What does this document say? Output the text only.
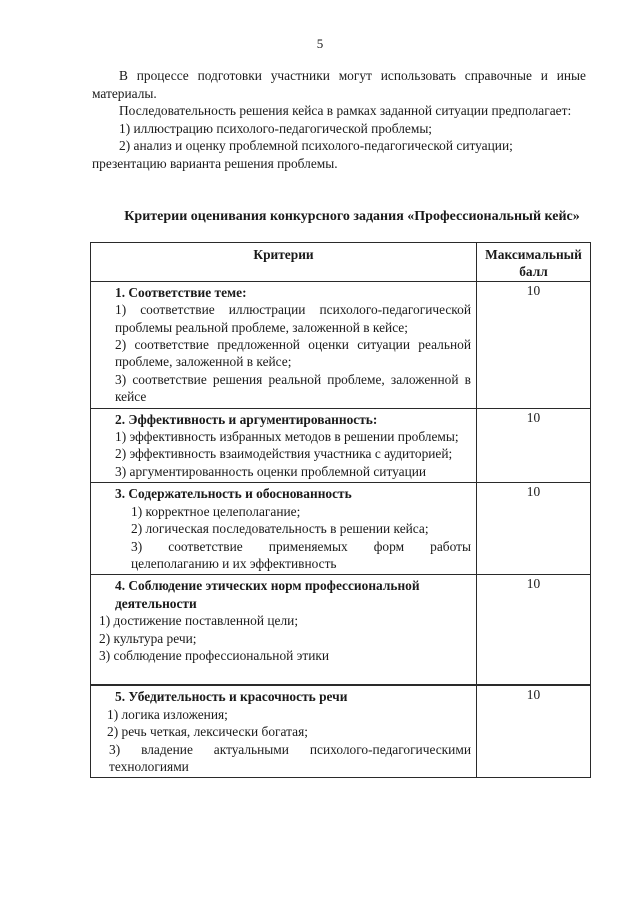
5

В процессе подготовки участники могут использовать справочные и иные материалы.

Последовательность решения кейса в рамках заданной ситуации предполагает:

1) иллюстрацию психолого-педагогической проблемы;

2) анализ и оценку проблемной психолого-педагогической ситуации;

презентацию варианта решения проблемы.

Критерии оценивания конкурсного задания «Профессиональный кейс»
Критерии	Максимальный балл

1. Соответствие теме:
1) соответствие иллюстрации психолого-педагогической проблемы реальной проблеме, заложенной в кейсе;
2) соответствие предложенной оценки ситуации реальной проблеме, заложенной в кейсе;
3) соответствие решения реальной проблеме, заложенной в кейсе	10

2. Эффективность и аргументированность:
1) эффективность избранных методов в решении проблемы;
2) эффективность взаимодействия участника с аудиторией;
3) аргументированность оценки проблемной ситуации	10

3. Содержательность и обоснованность
1) корректное целеполагание;
2) логическая последовательность в решении кейса;
3) соответствие применяемых форм работы целеполаганию и их эффективность	10

4. Соблюдение этических норм профессиональной деятельности
1) достижение поставленной цели;
2) культура речи;
3) соблюдение профессиональной этики	10

5. Убедительность и красочность речи
1) логика изложения;
2) речь четкая, лексически богатая;
3) владение актуальными психолого-педагогическими технологиями	10
